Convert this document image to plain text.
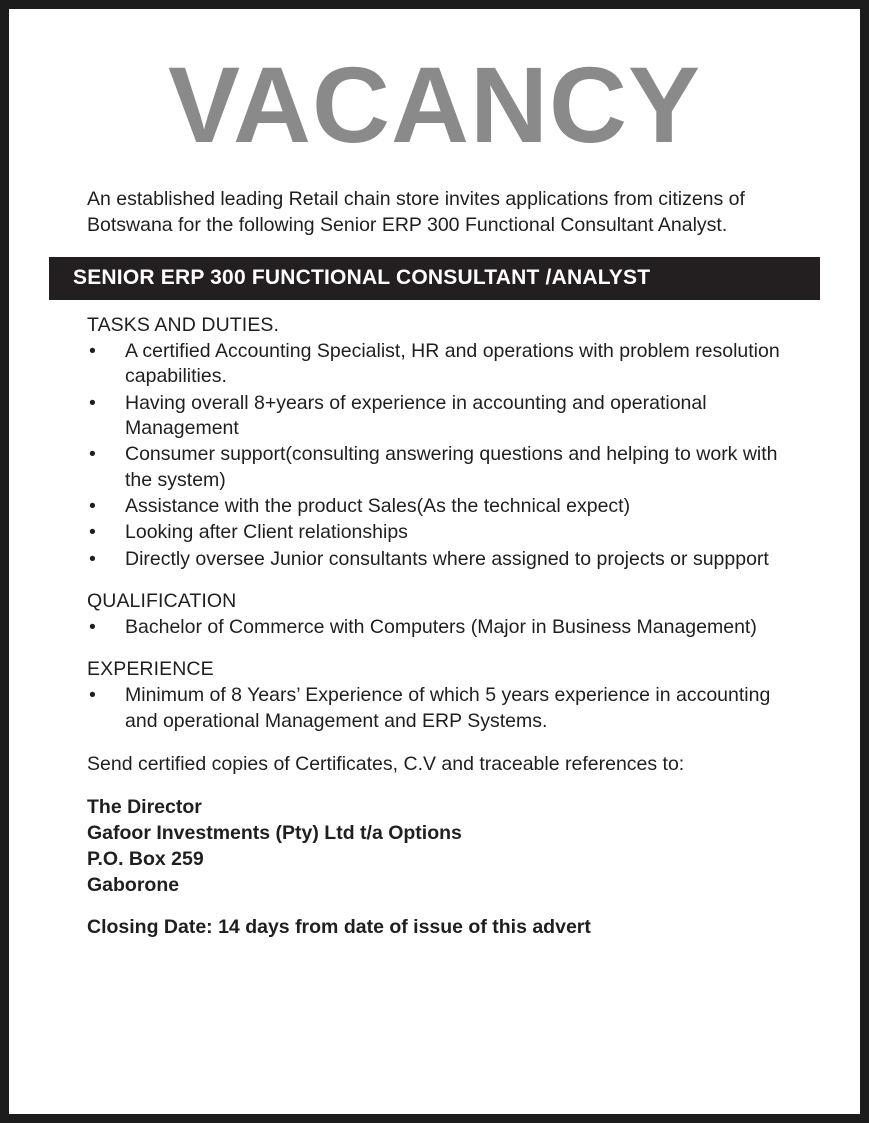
VACANCY

An established leading Retail chain store invites applications from citizens of Botswana for the following Senior ERP 300 Functional Consultant Analyst.

SENIOR ERP 300 FUNCTIONAL CONSULTANT /ANALYST
TASKS AND DUTIES.
• A certified Accounting Specialist, HR and operations with problem resolution capabilities.
• Having overall 8+years of experience in accounting and operational Management
• Consumer support(consulting answering questions and helping to work with the system)
• Assistance with the product Sales(As the technical expect)
• Looking after Client relationships
• Directly oversee Junior consultants where assigned to projects or suppport
QUALIFICATION
• Bachelor of Commerce with Computers (Major in Business Management)
EXPERIENCE
• Minimum of 8 Years’ Experience of which 5 years experience in accounting and operational Management and ERP Systems.

Send certified copies of Certificates, C.V and traceable references to:

The Director

Gafoor Investments (Pty) Ltd t/a Options

P.O. Box 259

Gaborone

Closing Date: 14 days from date of issue of this advert
